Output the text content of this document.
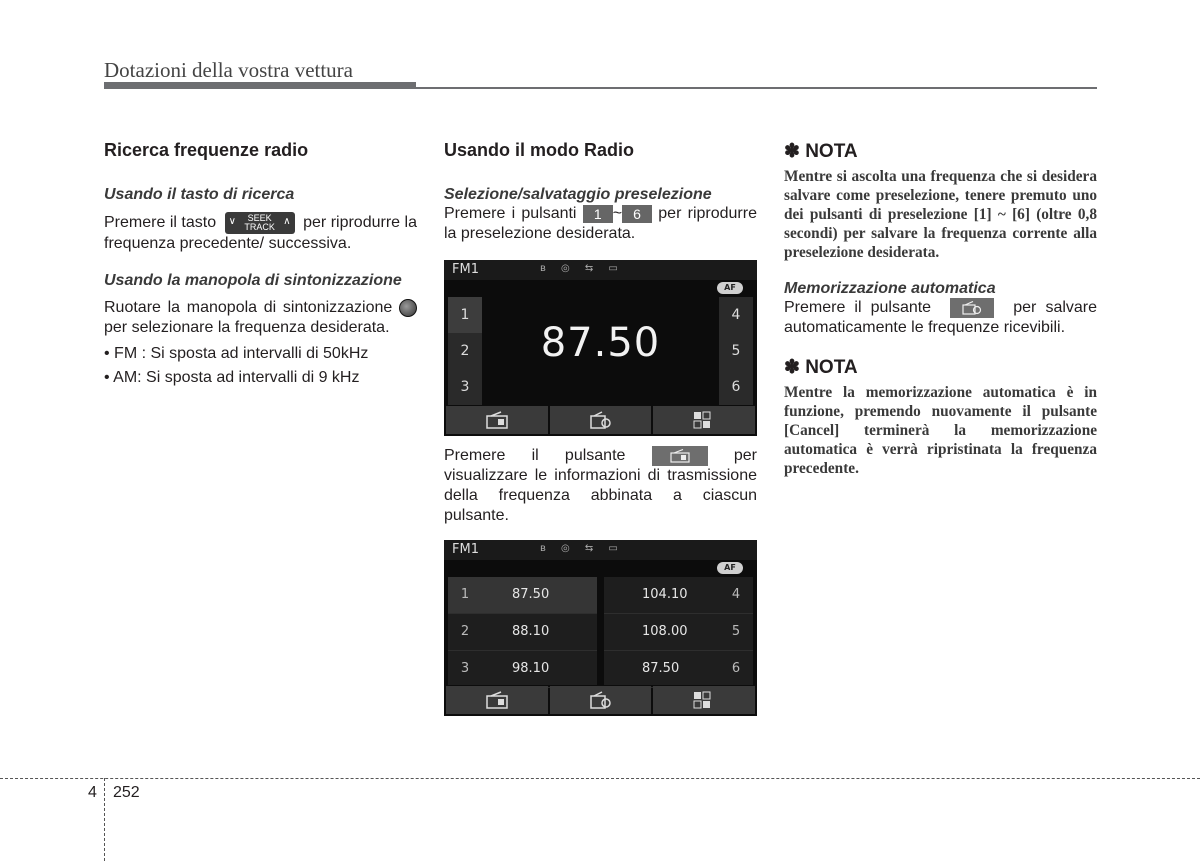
Dotazioni della vostra vettura
Ricerca frequenze radio
Usando il tasto di ricerca

Premere il tasto ∨ SEEK
TRACK ∧ per riprodurre la frequenza precedente/ successiva.

Usando la manopola di sintonizzazione

Ruotare la manopola di sintonizzazione per selezionare la frequenza desiderata.

• FM : Si sposta ad intervalli di 50kHz
• AM: Si sposta ad intervalli di 9 kHz
Usando il modo Radio
Selezione/salvataggio preselezione

Premere i pulsanti 1 ~ 6 per riprodurre la preselezione desiderata.

FM1	ʙ ◎ ⇆ ▭
AF
1
2
3
4
5
6
87.50

Premere il pulsante	per visualizzare le informazioni di trasmissione della frequenza abbinata a ciascun pulsante.

FM1	ʙ ◎ ⇆ ▭
AF
1	87.50
2	88.10
3	98.10
104.10	4
108.00	5
87.50	6
✽ NOTA
Mentre si ascolta una frequenza che si desidera salvare come preselezione, tenere premuto uno dei pulsanti di preselezione [1] ~ [6] (oltre 0,8 secondi) per salvare la frequenza corrente alla preselezione desiderata.
Memorizzazione automatica

Premere il pulsante	per salvare automaticamente le frequenze ricevibili.

✽ NOTA
Mentre la memorizzazione automatica è in funzione, premendo nuovamente il pulsante [Cancel] terminerà la memorizzazione automatica è verrà ripristinata la frequenza precedente.
4 252
